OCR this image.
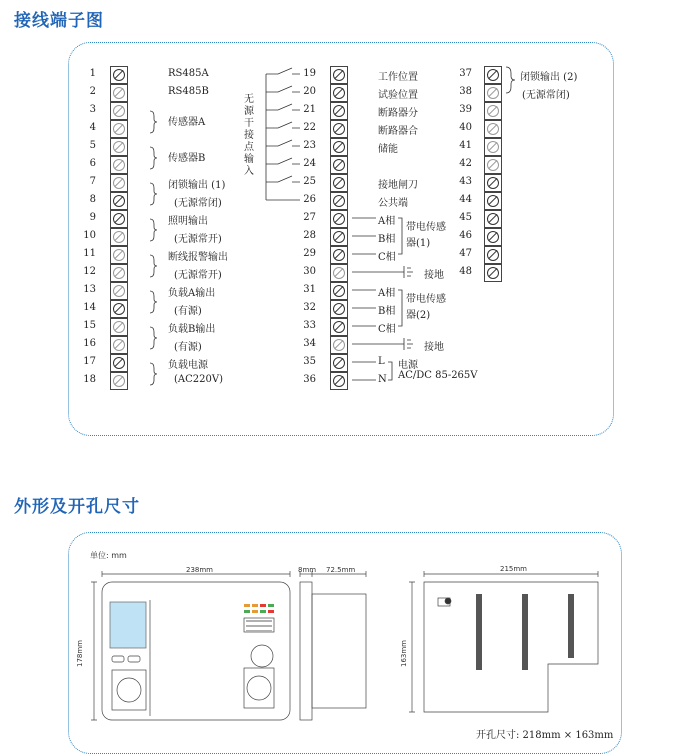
接线端子图
1
2
3
4
5
6
7
8
9
10
11
12
13
14
15
16
17
18
19
20
21
22
23
24
25
26
27
28
29
30
31
32
33
34
35
36
37
38
39
40
41
42
43
44
45
46
47
48
RS485A
RS485B
传感器A
传感器B
闭锁输出 (1)
(无源常闭)
照明输出
(无源常开)
断线报警输出
(无源常开)
负载A输出
(有源)
负载B输出
(有源)
负载电源
(AC220V)
无源干接点输入
工作位置
试验位置
断路器分
断路器合
储能
接地闸刀
公共端
A相
B相
C相
带电传感器(1)
接地
A相
B相
C相
带电传感器(2)
接地
L
N
电源
AC/DC 85-265V
闭锁输出 (2)
(无源常闭)
外形及开孔尺寸
单位: mm
238mm
178mm
8mm 72.5mm	215mm
163mm
开孔尺寸: 218mm × 163mm
